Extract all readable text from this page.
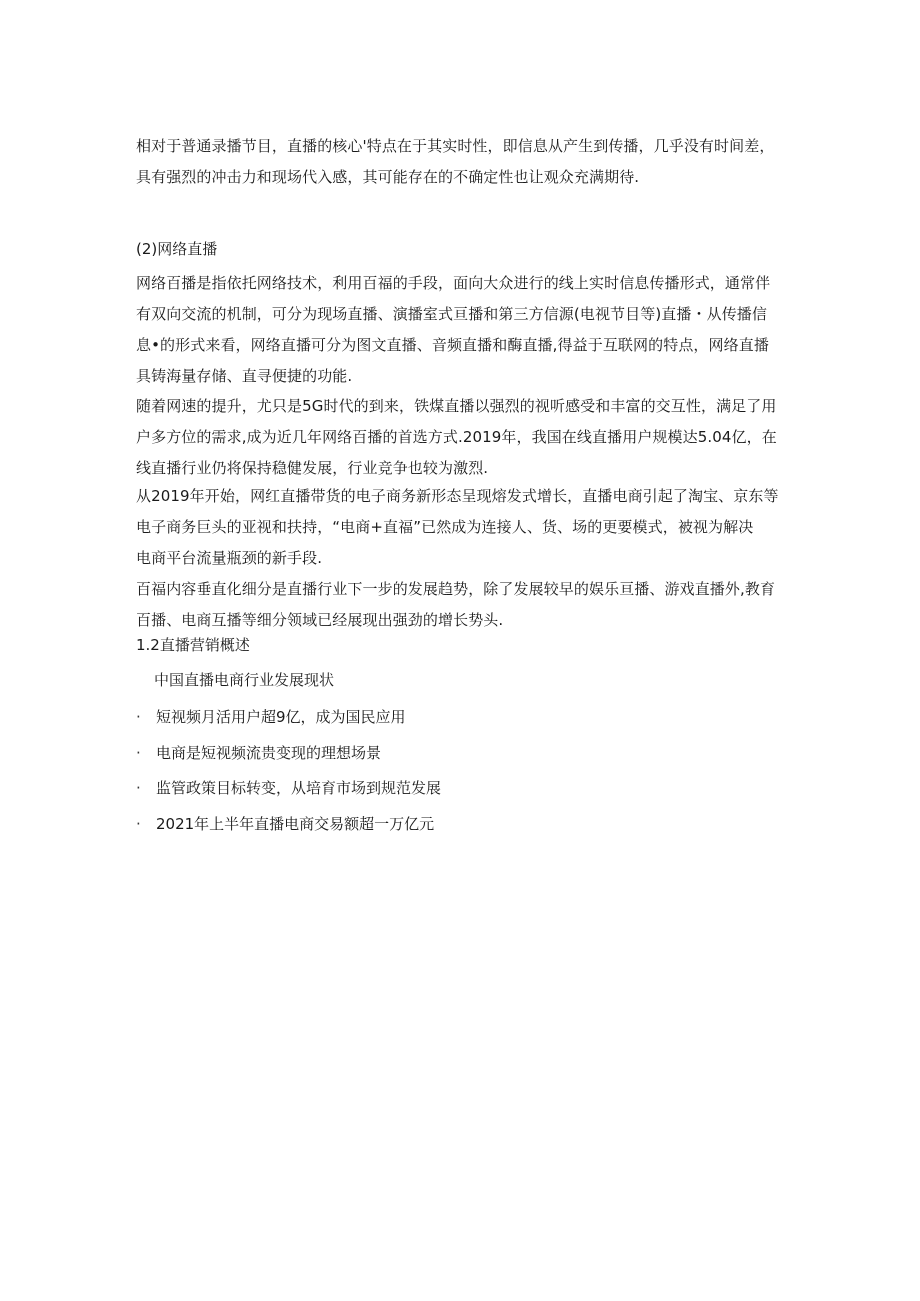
相对于普通录播节目，直播的核心'特点在于其实时性，即信息从产生到传播，几乎没有时间差，
具有强烈的冲击力和现场代入感，其可能存在的不确定性也让观众充满期待.

(2)网络直播

网络百播是指依托网络技术，利用百福的手段，面向大众进行的线上实时信息传播形式，通常伴
有双向交流的机制，可分为现场直播、演播室式亘播和第三方信源(电视节目等)直播・从传播信
息•的形式来看，网络直播可分为图文直播、音频直播和酶直播,得益于互联网的特点，网络直播
具铸海量存储、直寻便捷的功能.

随着网速的提升，尤只是5G时代的到来，铁煤直播以强烈的视听感受和丰富的交互性，满足了用
户多方位的需求,成为近几年网络百播的首选方式.2019年，我国在线直播用户规模达5.04亿，在
线直播行业仍将保持稳健发展，行业竞争也较为激烈.

从2019年开始，网红直播带货的电子商务新形态呈现熔发式增长，直播电商引起了淘宝、京东等
电子商务巨头的亚视和扶持，“电商+直福”已然成为连接人、货、场的更要模式，被视为解决
电商平台流量瓶颈的新手段.

百福内容垂直化细分是直播行业下一步的发展趋势，除了发展较早的娱乐亘播、游戏直播外,教育
百播、电商互播等细分领域已经展现出强劲的增长势头.

1.2直播营销概述

中国直播电商行业发展现状

· 短视频月活用户超9亿，成为国民应用
· 电商是短视频流贵变现的理想场景
· 监管政策目标转变，从培育市场到规范发展
· 2021年上半年直播电商交易额超一万亿元
